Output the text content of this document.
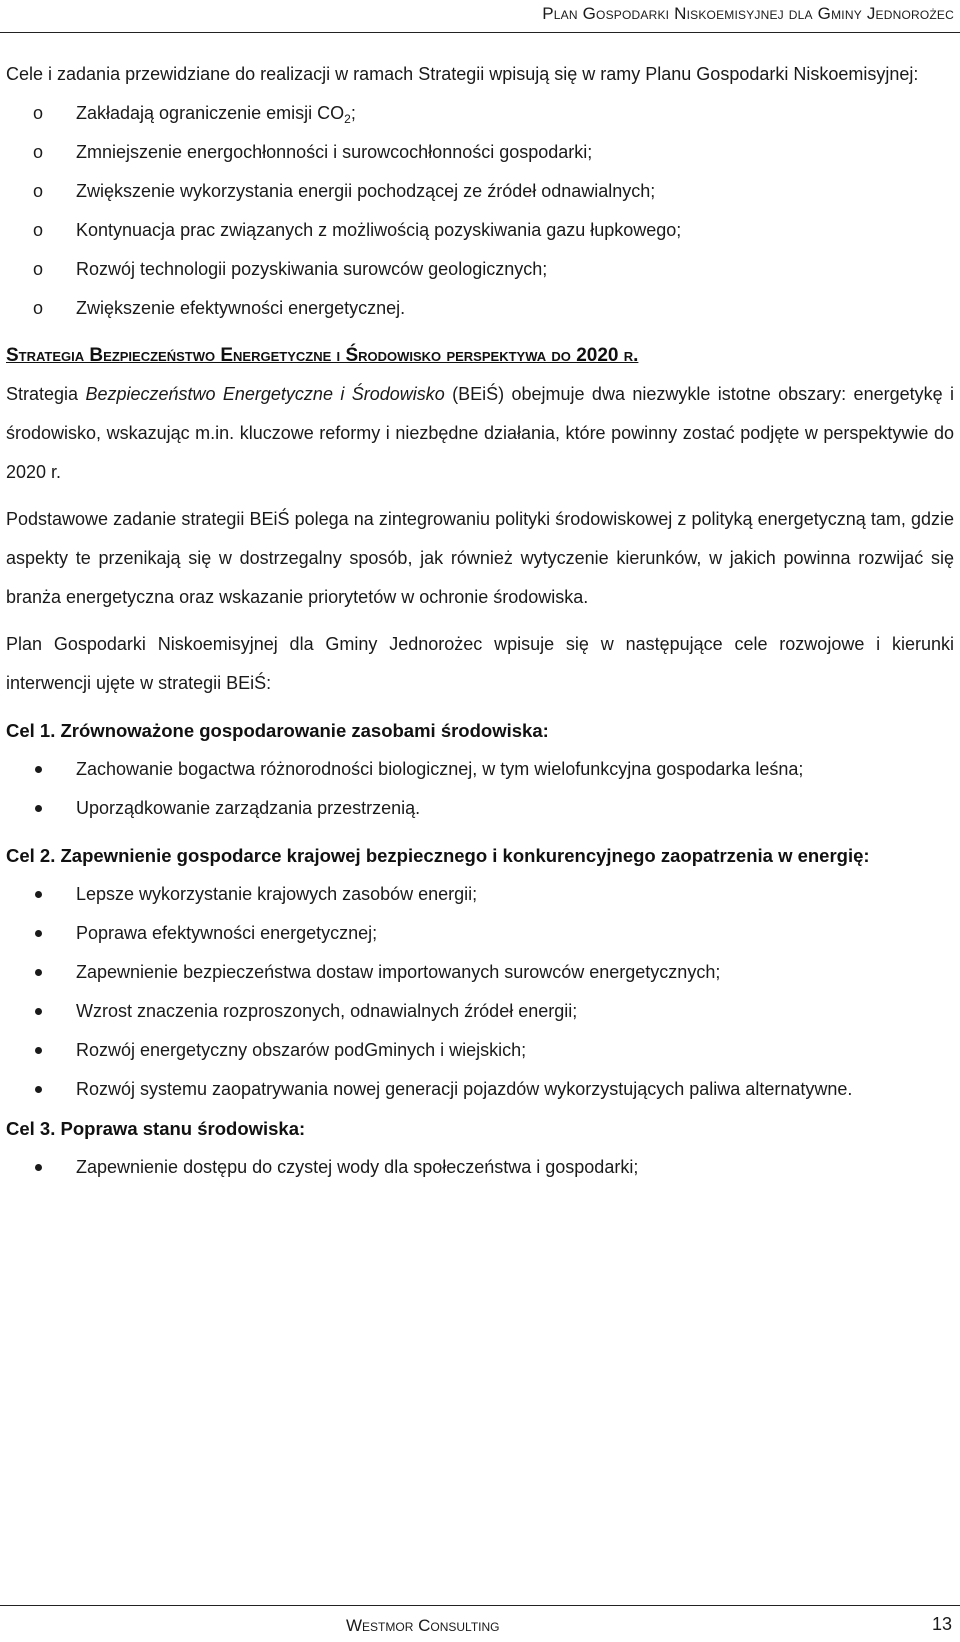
Plan Gospodarki Niskoemisyjnej dla Gminy Jednorożec

Cele i zadania przewidziane do realizacji w ramach Strategii wpisują się w ramy Planu Gospodarki Niskoemisyjnej:

o Zakładają ograniczenie emisji $CO_2$;
o Zmniejszenie energochłonności i surowcochłonności gospodarki;
o Zwiększenie wykorzystania energii pochodzącej ze źródeł odnawialnych;
o Kontynuacja prac związanych z możliwością pozyskiwania gazu łupkowego;
o Rozwój technologii pozyskiwania surowców geologicznych;
o Zwiększenie efektywności energetycznej.
Strategia Bezpieczeństwo Energetyczne i Środowisko perspektywa do 2020 r.

Strategia Bezpieczeństwo Energetyczne i Środowisko (BEiŚ) obejmuje dwa niezwykle istotne obszary: energetykę i środowisko, wskazując m.in. kluczowe reformy i niezbędne działania, które powinny zostać podjęte w perspektywie do 2020 r.

Podstawowe zadanie strategii BEiŚ polega na zintegrowaniu polityki środowiskowej z polityką energetyczną tam, gdzie aspekty te przenikają się w dostrzegalny sposób, jak również wytyczenie kierunków, w jakich powinna rozwijać się branża energetyczna oraz wskazanie priorytetów w ochronie środowiska.

Plan Gospodarki Niskoemisyjnej dla Gminy Jednorożec wpisuje się w następujące cele rozwojowe i kierunki interwencji ujęte w strategii BEiŚ:

Cel 1. Zrównoważone gospodarowanie zasobami środowiska:
Zachowanie bogactwa różnorodności biologicznej, w tym wielofunkcyjna gospodarka leśna;
Uporządkowanie zarządzania przestrzenią.
Cel 2. Zapewnienie gospodarce krajowej bezpiecznego i konkurencyjnego zaopatrzenia w energię:
Lepsze wykorzystanie krajowych zasobów energii;
Poprawa efektywności energetycznej;
Zapewnienie bezpieczeństwa dostaw importowanych surowców energetycznych;
Wzrost znaczenia rozproszonych, odnawialnych źródeł energii;
Rozwój energetyczny obszarów podGminych i wiejskich;
Rozwój systemu zaopatrywania nowej generacji pojazdów wykorzystujących paliwa alternatywne.
Cel 3. Poprawa stanu środowiska:
Zapewnienie dostępu do czystej wody dla społeczeństwa i gospodarki;
Westmor Consulting	13
